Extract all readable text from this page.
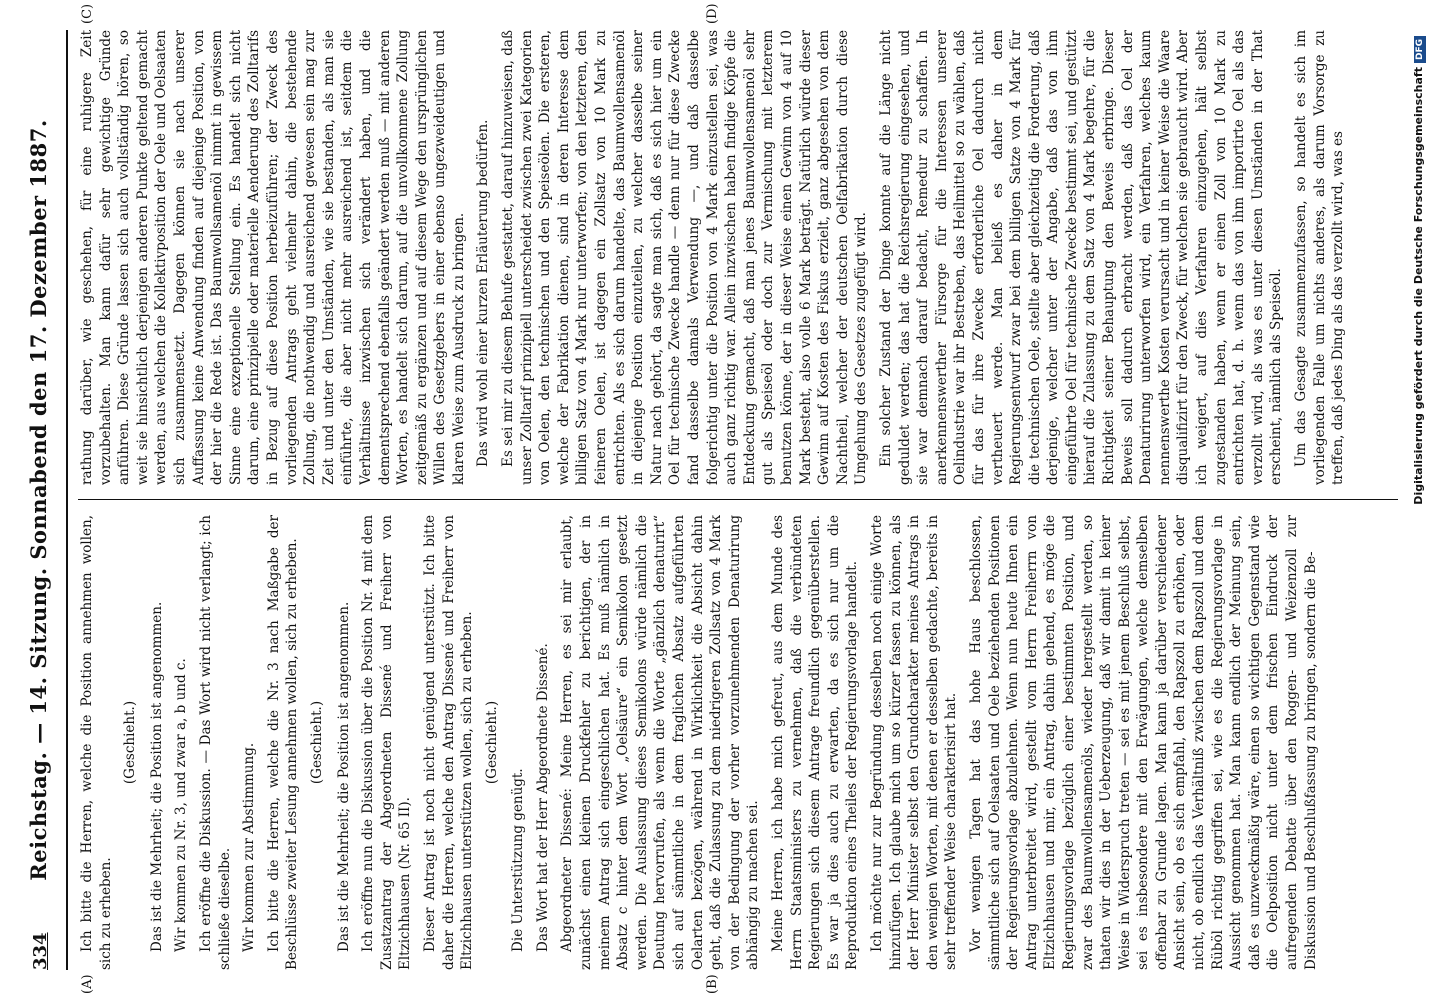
334
Reichstag. — 14. Sitzung. Sonnabend den 17. Dezember 1887.
(A)	(B)
(C)	(D)

Ich bitte die Herren, welche die Position annehmen wollen, sich zu erheben.

(Geschieht.) Das ist die Mehrheit; die Position ist angenommen. Wir kommen zu Nr. 3, und zwar a, b und c. Ich eröffne die Diskussion. — Das Wort wird nicht verlangt; ich schließe dieselbe. Wir kommen zur Abstimmung. Ich bitte die Herren, welche die Nr. 3 nach Maßgabe der Beschlüsse zweiter Lesung annehmen wollen, sich zu erheben. (Geschieht.) Das ist die Mehrheit; die Position ist angenommen. Ich eröffne nun die Diskussion über die Position Nr. 4 mit dem Zusatzantrag der Abgeordneten Dissené und Freiherr von Eltzichhausen (Nr. 65 II). Dieser Antrag ist noch nicht genügend unterstützt. Ich bitte daher die Herren, welche den Antrag Dissené und Freiherr von Eltzichhausen unterstützen wollen, sich zu erheben. (Geschieht.)

Die Unterstützung genügt. Das Wort hat der Herr Abgeordnete Dissené. Abgeordneter Dissené: Meine Herren, es sei mir erlaubt, zunächst einen kleinen Druckfehler zu berichtigen, der in meinem Antrag sich eingeschlichen hat. Es muß nämlich in Absatz c hinter dem Wort „Oelsäure“ ein Semikolon gesetzt werden. Die Auslassung dieses Semikolons würde nämlich die Deutung hervorrufen, als wenn die Worte „gänzlich denaturirt“ sich auf sämmtliche in dem fraglichen Absatz aufgeführten Oelarten bezögen, während in Wirklichkeit die Absicht dahin geht, daß die Zulassung zu dem niedrigeren Zollsatz von 4 Mark von der Bedingung der vorher vorzunehmenden Denaturirung abhängig zu machen sei. Meine Herren, ich habe mich gefreut, aus dem Munde des Herrn Staatsministers zu vernehmen, daß die verbündeten Regierungen sich diesem Antrage freundlich gegenüberstellen. Es war ja dies auch zu erwarten, da es sich nur um die Reproduktion eines Theiles der Regierungsvorlage handelt. Ich möchte nur zur Begründung desselben noch einige Worte hinzufügen. Ich glaube mich um so kürzer fassen zu können, als der Herr Minister selbst den Grundcharakter meines Antrags in den wenigen Worten, mit denen er desselben gedachte, bereits in sehr treffender Weise charakterisirt hat. Vor wenigen Tagen hat das hohe Haus beschlossen, sämmtliche sich auf Oelsaaten und Oele beziehenden Positionen der Regierungsvorlage abzulehnen. Wenn nun heute Ihnen ein Antrag unterbreitet wird, gestellt vom Herrn Freiherrn von Eltzichhausen und mir, ein Antrag, dahin gehend, es möge die Regierungsvorlage bezüglich einer bestimmten Position, und zwar des Baumwollensamenöls, wieder hergestellt werden, so thaten wir dies in der Ueberzeugung, daß wir damit in keiner Weise in Widerspruch treten — sei es mit jenem Beschluß selbst, sei es insbesondere mit den Erwägungen, welche demselben offenbar zu Grunde lagen. Man kann ja darüber verschiedener Ansicht sein, ob es sich empfahl, den Rapszoll zu erhöhen, oder nicht, ob endlich das Verhältniß zwischen dem Rapszoll und dem Rüböl richtig gegriffen sei, wie es die Regierungsvorlage in Aussicht genommen hat. Man kann endlich der Meinung sein, daß es unzweckmäßig wäre, einen so wichtigen Gegenstand wie die Oelposition nicht unter dem frischen Eindruck der aufregenden Debatte über den Roggen- und Weizenzoll zur Diskussion und Beschlußfassung zu bringen, sondern die Be-

rathung darüber, wie geschehen, für eine ruhigere Zeit vorzubehalten. Man kann dafür sehr gewichtige Gründe anführen. Diese Gründe lassen sich auch vollständig hören, so weit sie hinsichtlich derjenigen anderen Punkte geltend gemacht werden, aus welchen die Kollektivposition der Oele und Oelsaaten sich zusammensetzt. Dagegen können sie nach unserer Auffassung keine Anwendung finden auf diejenige Position, von der hier die Rede ist. Das Baumwollsamenöl nimmt in gewissem Sinne eine exzeptionelle Stellung ein. Es handelt sich nicht darum, eine prinzipielle oder materielle Aenderung des Zolltarifs in Bezug auf diese Position herbeizuführen; der Zweck des vorliegenden Antrags geht vielmehr dahin, die bestehende Zollung, die nothwendig und ausreichend gewesen sein mag zur Zeit und unter den Umständen, wie sie bestanden, als man sie einführte, die aber nicht mehr ausreichend ist, seitdem die Verhältnisse inzwischen sich verändert haben, und die dementsprechend ebenfalls geändert werden muß — mit anderen Worten, es handelt sich darum, auf die unvollkommene Zollung zeitgemäß zu ergänzen und auf diesem Wege den ursprünglichen Willen des Gesetzgebers in einer ebenso ungezweideutigen und klaren Weise zum Ausdruck zu bringen. Das wird wohl einer kurzen Erläuterung bedürfen. Es sei mir zu diesem Behufe gestattet, darauf hinzuweisen, daß unser Zolltarif prinzipiell unterscheidet zwischen zwei Kategorien von Oelen, den technischen und den Speiseölen. Die ersteren, welche der Fabrikation dienen, sind in deren Interesse dem billigen Satz von 4 Mark nur unterworfen; von den letzteren, den feineren Oelen, ist dagegen ein Zollsatz von 10 Mark zu entrichten. Als es sich darum handelte, das Baumwollensamenöl in diejenige Position einzuteilen, zu welcher dasselbe seiner Natur nach gehört, da sagte man sich, daß es sich hier um ein Oel für technische Zwecke handle — denn nur für diese Zwecke fand dasselbe damals Verwendung —, und daß dasselbe folgerichtig unter die Position von 4 Mark einzustellen sei, was auch ganz richtig war. Allein inzwischen haben findige Köpfe die Entdeckung gemacht, daß man jenes Baumwollensamenöl sehr gut als Speiseöl oder doch zur Vermischung mit letzterem benutzen könne, der in dieser Weise einen Gewinn von 4 auf 10 Mark besteht, also volle 6 Mark beträgt. Natürlich würde dieser Gewinn auf Kosten des Fiskus erzielt, ganz abgesehen von dem Nachtheil, welcher der deutschen Oelfabrikation durch diese Umgehung des Gesetzes zugefügt wird. Ein solcher Zustand der Dinge konnte auf die Länge nicht geduldet werden; das hat die Reichsregierung eingesehen, und sie war demnach darauf bedacht, Remedur zu schaffen. In anerkennenswerther Fürsorge für die Interessen unserer Oelindustrie war ihr Bestreben, das Heilmittel so zu wählen, daß für das für ihre Zwecke erforderliche Oel dadurch nicht vertheuert werde. Man beließ es daher in dem Regierungsentwurf zwar bei dem billigen Satze von 4 Mark für die technischen Oele, stellte aber gleichzeitig die Forderung, daß derjenige, welcher unter der Angabe, daß das von ihm eingeführte Oel für technische Zwecke bestimmt sei, und gestützt hierauf die Zulassung zu dem Satz von 4 Mark begehre, für die Richtigkeit seiner Behauptung den Beweis erbringe. Dieser Beweis soll dadurch erbracht werden, daß das Oel der Denaturirung unterworfen wird, ein Verfahren, welches kaum nennenswerthe Kosten verursacht und in keiner Weise die Waare disqualifizirt für den Zweck, für welchen sie gebraucht wird. Aber ich weigert, auf dies Verfahren einzugehen, hält selbst zugestanden haben, wenn er einen Zoll von 10 Mark zu entrichten hat, d. h. wenn das von ihm importirte Oel als das verzollt wird, als was es unter diesen Umständen in der That erscheint, nämlich als Speiseöl. Um das Gesagte zusammenzufassen, so handelt es sich im vorliegenden Falle um nichts anderes, als darum Vorsorge zu treffen, daß jedes Ding als das verzollt wird, was es	Digitalisierung gefördert durch die Deutsche ForschungsgemeinschaftDFG
